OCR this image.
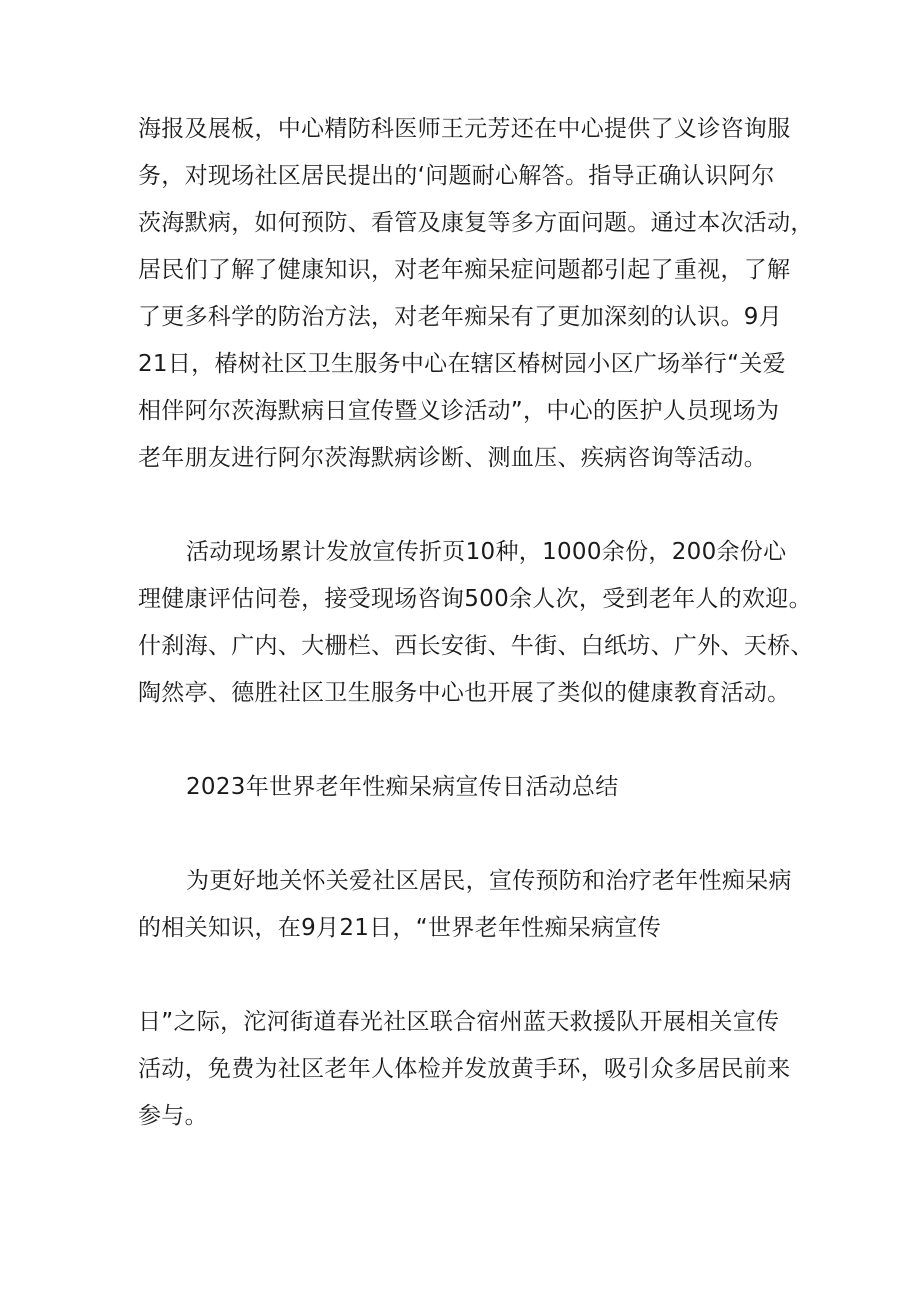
海报及展板，中心精防科医师王元芳还在中心提供了义诊咨询服

务，对现场社区居民提出的‘问题耐心解答。指导正确认识阿尔

茨海默病，如何预防、看管及康复等多方面问题。通过本次活动，

居民们了解了健康知识，对老年痴呆症问题都引起了重视，了解

了更多科学的防治方法，对老年痴呆有了更加深刻的认识。9月

21日，椿树社区卫生服务中心在辖区椿树园小区广场举行“关爱

相伴阿尔茨海默病日宣传暨义诊活动”，中心的医护人员现场为

老年朋友进行阿尔茨海默病诊断、测血压、疾病咨询等活动。

活动现场累计发放宣传折页10种，1000余份，200余份心

理健康评估问卷，接受现场咨询500余人次，受到老年人的欢迎。

什刹海、广内、大栅栏、西长安街、牛街、白纸坊、广外、天桥、

陶然亭、德胜社区卫生服务中心也开展了类似的健康教育活动。

2023年世界老年性痴呆病宣传日活动总结

为更好地关怀关爱社区居民，宣传预防和治疗老年性痴呆病

的相关知识，在9月21日，“世界老年性痴呆病宣传

日”之际，沱河街道春光社区联合宿州蓝天救援队开展相关宣传

活动，免费为社区老年人体检并发放黄手环，吸引众多居民前来

参与。
